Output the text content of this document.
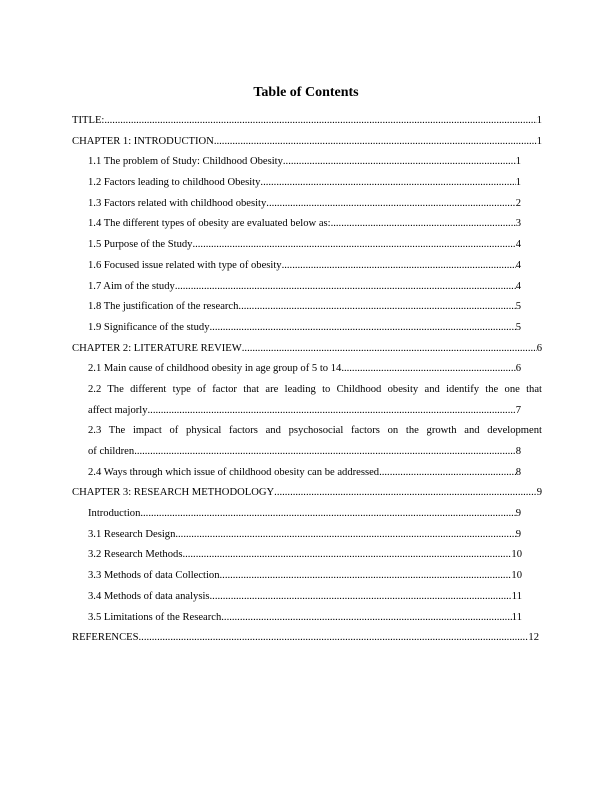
Table of Contents
TITLE: .....	1
CHAPTER 1: INTRODUCTION .....	1
1.1 The problem of Study: Childhood Obesity .....	1
1.2 Factors leading to childhood Obesity .....	1
1.3 Factors related with childhood obesity .....	2
1.4 The different types of obesity are evaluated below as: .....	3
1.5 Purpose of the Study .....	4
1.6 Focused issue related with type of obesity .....	4
1.7 Aim of the study .....	4
1.8 The justification of the research .....	5
1.9 Significance of the study .....	5
CHAPTER 2: LITERATURE REVIEW .....	6
2.1 Main cause of childhood obesity in age group of 5 to 14. .....	6
2.2 The different type of factor that are leading to Childhood obesity and identify the one that
affect majorly .....	7
2.3 The impact of physical factors and psychosocial factors on the growth and development
of children .....	8
2.4 Ways through which issue of childhood obesity can be addressed .....	8
CHAPTER 3: RESEARCH METHODOLOGY .....	9
Introduction .....	9
3.1 Research Design .....	9
3.2 Research Methods .....	10
3.3 Methods of data Collection .....	10
3.4 Methods of data analysis .....	11
3.5 Limitations of the Research .....	11
REFERENCES .....	12
